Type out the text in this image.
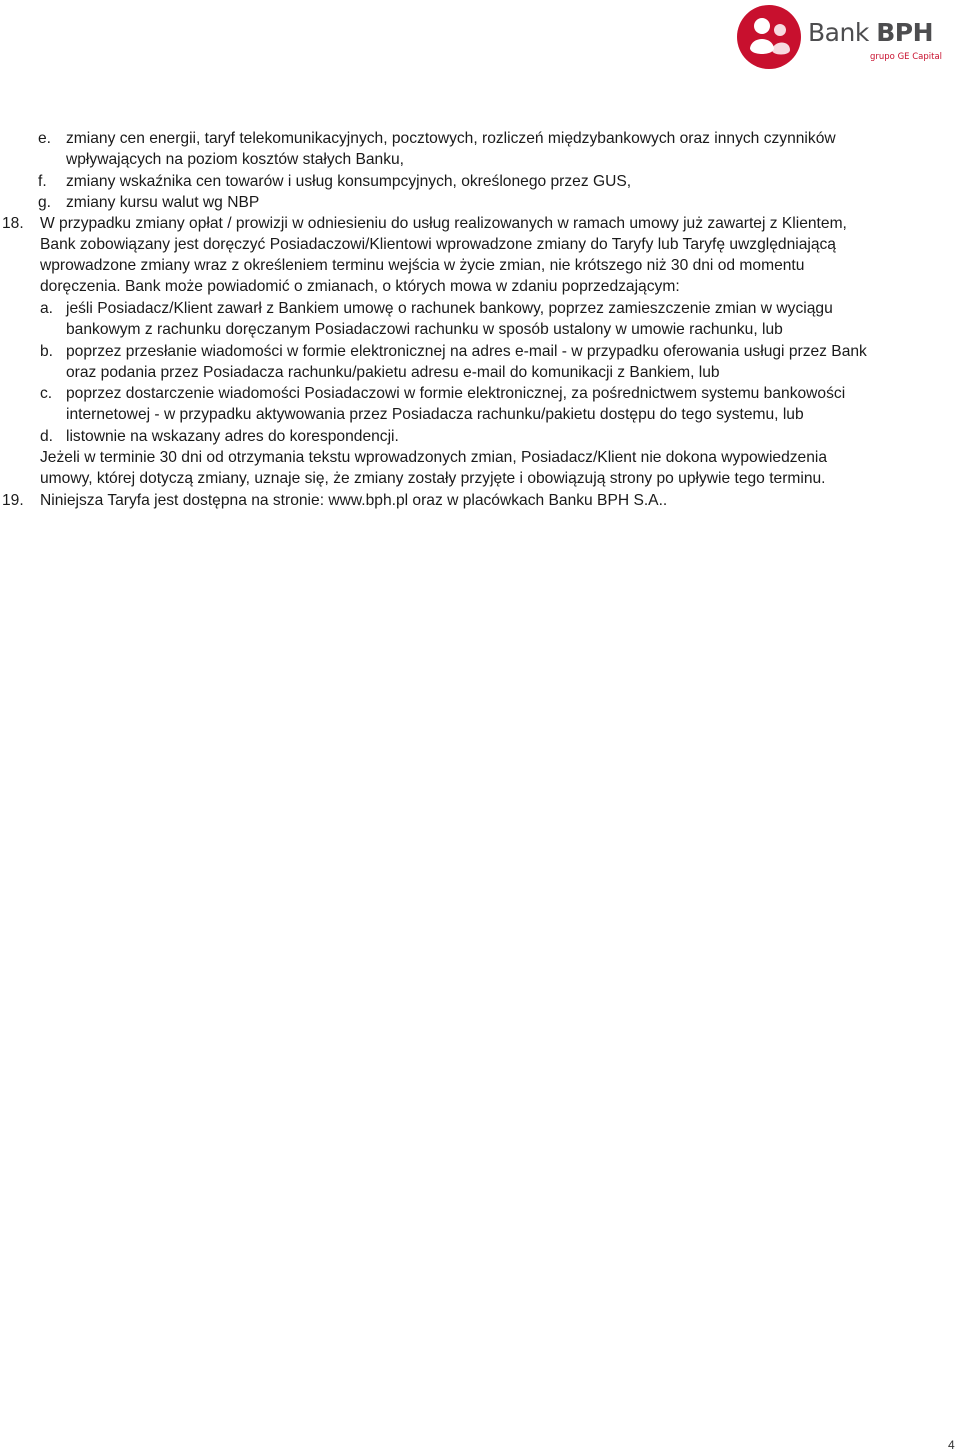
Bank BPH
grupo GE Capital
e. zmiany cen energii, taryf telekomunikacyjnych, pocztowych, rozliczeń międzybankowych oraz innych czynników
wpływających na poziom kosztów stałych Banku,
f. zmiany wskaźnika cen towarów i usług konsumpcyjnych, określonego przez GUS,
g. zmiany kursu walut wg NBP
18. W przypadku zmiany opłat / prowizji w odniesieniu do usług realizowanych w ramach umowy już zawartej z Klientem,
Bank zobowiązany jest doręczyć Posiadaczowi/Klientowi wprowadzone zmiany do Taryfy lub Taryfę uwzględniającą
wprowadzone zmiany wraz z określeniem terminu wejścia w życie zmian, nie krótszego niż 30 dni od momentu
doręczenia. Bank może powiadomić o zmianach, o których mowa w zdaniu poprzedzającym:
a. jeśli Posiadacz/Klient zawarł z Bankiem umowę o rachunek bankowy, poprzez zamieszczenie zmian w wyciągu
bankowym z rachunku doręczanym Posiadaczowi rachunku w sposób ustalony w umowie rachunku, lub
b. poprzez przesłanie wiadomości w formie elektronicznej na adres e-mail - w przypadku oferowania usługi przez Bank
oraz podania przez Posiadacza rachunku/pakietu adresu e-mail do komunikacji z Bankiem, lub
c. poprzez dostarczenie wiadomości Posiadaczowi w formie elektronicznej, za pośrednictwem systemu bankowości
internetowej - w przypadku aktywowania przez Posiadacza rachunku/pakietu dostępu do tego systemu, lub
d. listownie na wskazany adres do korespondencji.
Jeżeli w terminie 30 dni od otrzymania tekstu wprowadzonych zmian, Posiadacz/Klient nie dokona wypowiedzenia
umowy, której dotyczą zmiany, uznaje się, że zmiany zostały przyjęte i obowiązują strony po upływie tego terminu.
19. Niniejsza Taryfa jest dostępna na stronie: www.bph.pl oraz w placówkach Banku BPH S.A..
4
